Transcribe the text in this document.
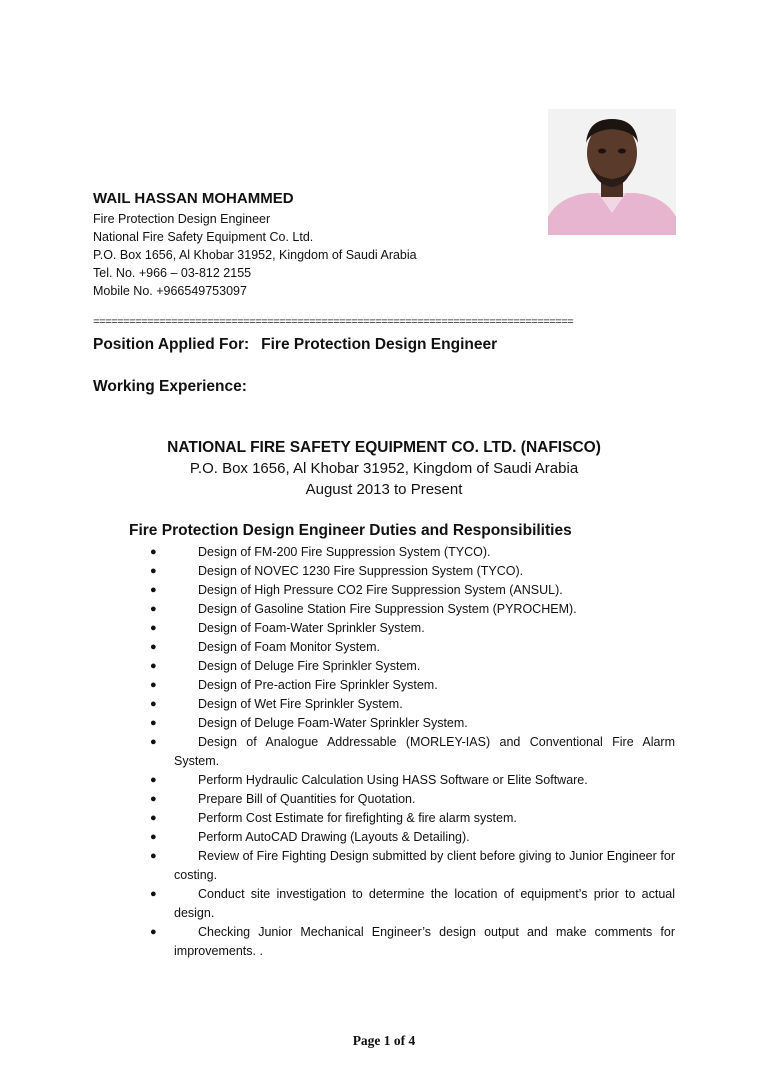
WAIL HASSAN MOHAMMED
Fire Protection Design Engineer
National Fire Safety Equipment Co. Ltd.
P.O. Box 1656, Al Khobar 31952, Kingdom of Saudi Arabia
Tel. No. +966 – 03-812 2155
Mobile No. +966549753097
================================================================================
Position Applied For: Fire Protection Design Engineer
Working Experience:
NATIONAL FIRE SAFETY EQUIPMENT CO. LTD. (NAFISCO)
P.O. Box 1656, Al Khobar 31952, Kingdom of Saudi Arabia
August 2013 to Present
Fire Protection Design Engineer Duties and Responsibilities
●	Design of FM-200 Fire Suppression System (TYCO).
●	Design of NOVEC 1230 Fire Suppression System (TYCO).
●	Design of High Pressure CO2 Fire Suppression System (ANSUL).
●	Design of Gasoline Station Fire Suppression System (PYROCHEM).
●	Design of Foam-Water Sprinkler System.
●	Design of Foam Monitor System.
●	Design of Deluge Fire Sprinkler System.
●	Design of Pre-action Fire Sprinkler System.
●	Design of Wet Fire Sprinkler System.
●	Design of Deluge Foam-Water Sprinkler System.
●	Design of Analogue Addressable (MORLEY-IAS) and Conventional Fire Alarm System.
●	Perform Hydraulic Calculation Using HASS Software or Elite Software.
●	Prepare Bill of Quantities for Quotation.
●	Perform Cost Estimate for firefighting & fire alarm system.
●	Perform AutoCAD Drawing (Layouts & Detailing).
●	Review of Fire Fighting Design submitted by client before giving to Junior Engineer for costing.
●	Conduct site investigation to determine the location of equipment’s prior to actual design.
●	Checking Junior Mechanical Engineer’s design output and make comments for improvements. .
Page 1 of 4
